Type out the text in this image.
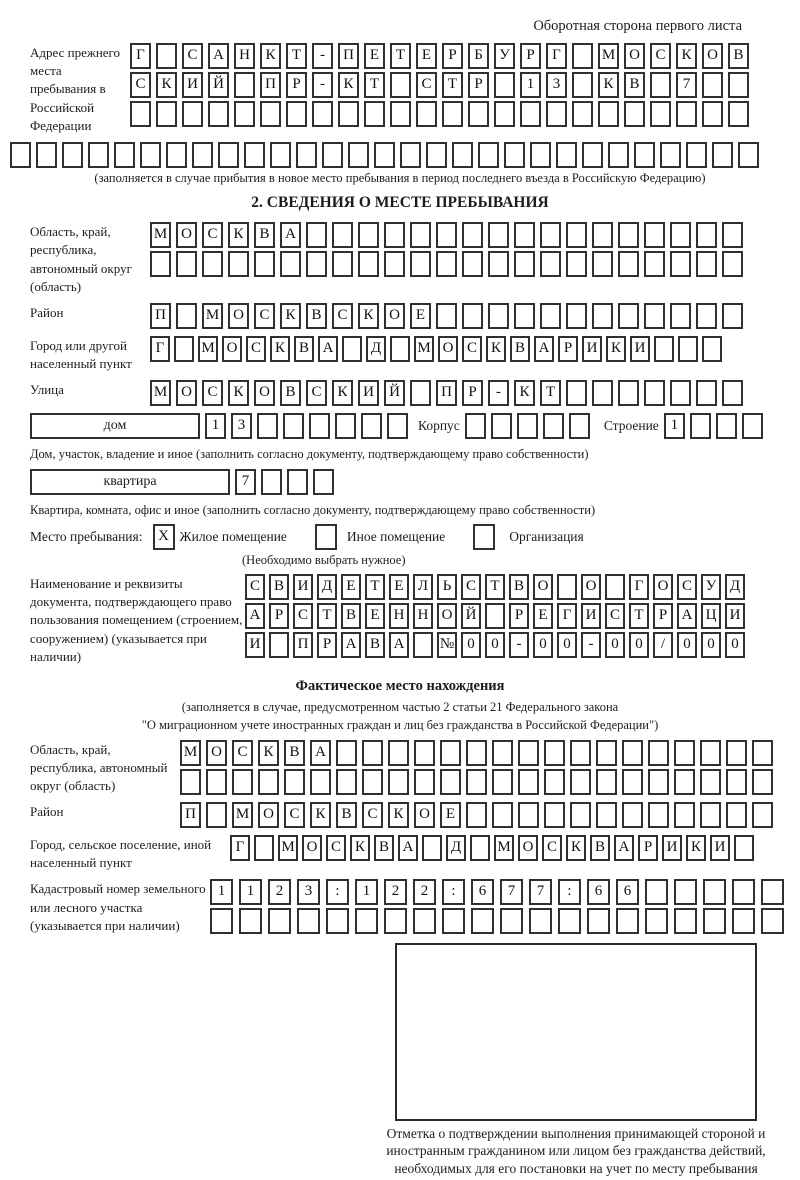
Оборотная сторона первого листа
Адрес прежнего места пребывания в Российской Федерации
Г	С	А	Н	К	Т	-	П	Е	Т	Е	Р	Б	У	Р	Г	М О	С	К	О	В
С	К	И	Й	П	Р	-	К	Т	С	Т	Р	1	3	К	В	7
(заполняется в случае прибытия в новое место пребывания в период последнего въезда в Российскую Федерацию)
2. СВЕДЕНИЯ О МЕСТЕ ПРЕБЫВАНИЯ
Область, край, республика, автономный округ (область)
М О	С	К	В	А
Район	П	М О	С	К	В	С	К	О	Е
Город или другой населенный пункт
Г	М О С К В А	Д	М О С К В А Р И К И
Улица	М О	С	К	О	В	С	К	И	Й	П	Р	-	К	Т
дом	1	3	Корпус	Строение 1
Дом, участок, владение и иное (заполнить согласно документу, подтверждающему право собственности)
квартира	7
Квартира, комната, офис и иное (заполнить согласно документу, подтверждающему право собственности)
Место пребывания:	X Жилое помещение	Иное помещение	Организация
(Необходимо выбрать нужное)
Наименование и реквизиты документа, подтверждающего право пользования помещением (строением, сооружением) (указывается при наличии)
С В И Д Е Т Е Л Ь С Т В О	О	Г О С У Д
А Р С Т В Е Н Н О Й	Р	Е	Г И С Т	Р А Ц И
И	П Р А В А	№ 0	0	-	0	0	-	0	0	/	0	0	0
Фактическое место нахождения
(заполняется в случае, предусмотренном частью 2 статьи 21 Федерального закона
"О миграционном учете иностранных граждан и лиц без гражданства в Российской Федерации")
Область, край, республика, автономный округ (область)
М О	С	К	В	А
Район	П	М О	С	К	В	С	К	О	Е
Город, сельское поселение, иной населенный пункт
Г	М О С К В А	Д	М О С К В А Р И К И
Кадастровый номер земельного или лесного участка (указывается при наличии)
1	1	2	3	:	1	2	2	:	6	7	7	:	6	6
Отметка о подтверждении выполнения принимающей стороной и иностранным гражданином или лицом без гражданства действий, необходимых для его постановки на учет по месту пребывания
